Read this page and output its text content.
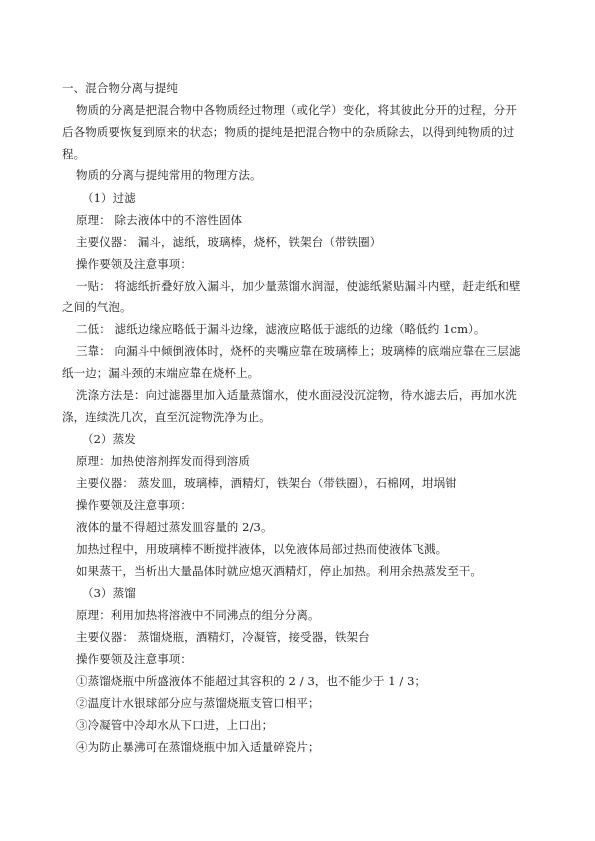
一、混合物分离与提纯
物质的分离是把混合物中各物质经过物理（或化学）变化，将其彼此分开的过程，分开
后各物质要恢复到原来的状态；物质的提纯是把混合物中的杂质除去，以得到纯物质的过
程。
物质的分离与提纯常用的物理方法。
（1）过滤
原理： 除去液体中的不溶性固体
主要仪器： 漏斗，滤纸，玻璃棒，烧杯，铁架台（带铁圈）
操作要领及注意事项：
一贴： 将滤纸折叠好放入漏斗，加少量蒸馏水润湿，使滤纸紧贴漏斗内壁，赶走纸和壁
之间的气泡。
二低： 滤纸边缘应略低于漏斗边缘，滤液应略低于滤纸的边缘（略低约 1cm）。
三靠： 向漏斗中倾倒液体时，烧杯的夹嘴应靠在玻璃棒上；玻璃棒的底端应靠在三层滤
纸一边；漏斗颈的末端应靠在烧杯上。
洗涤方法是：向过滤器里加入适量蒸馏水，使水面浸没沉淀物，待水滤去后，再加水洗
涤，连续洗几次，直至沉淀物洗净为止。
（2）蒸发
原理：加热使溶剂挥发而得到溶质
主要仪器： 蒸发皿，玻璃棒，酒精灯，铁架台（带铁圈），石棉网，坩埚钳
操作要领及注意事项：
液体的量不得超过蒸发皿容量的 2/3。
加热过程中，用玻璃棒不断搅拌液体，以免液体局部过热而使液体飞溅。
如果蒸干，当析出大量晶体时就应熄灭酒精灯，停止加热。利用余热蒸发至干。
（3）蒸馏
原理：利用加热将溶液中不同沸点的组分分离。
主要仪器： 蒸馏烧瓶，酒精灯，冷凝管，接受器，铁架台
操作要领及注意事项：
①蒸馏烧瓶中所盛液体不能超过其容积的 2 / 3，也不能少于 1 / 3；
②温度计水银球部分应与蒸馏烧瓶支管口相平；
③冷凝管中冷却水从下口进，上口出；
④为防止暴沸可在蒸馏烧瓶中加入适量碎瓷片；
